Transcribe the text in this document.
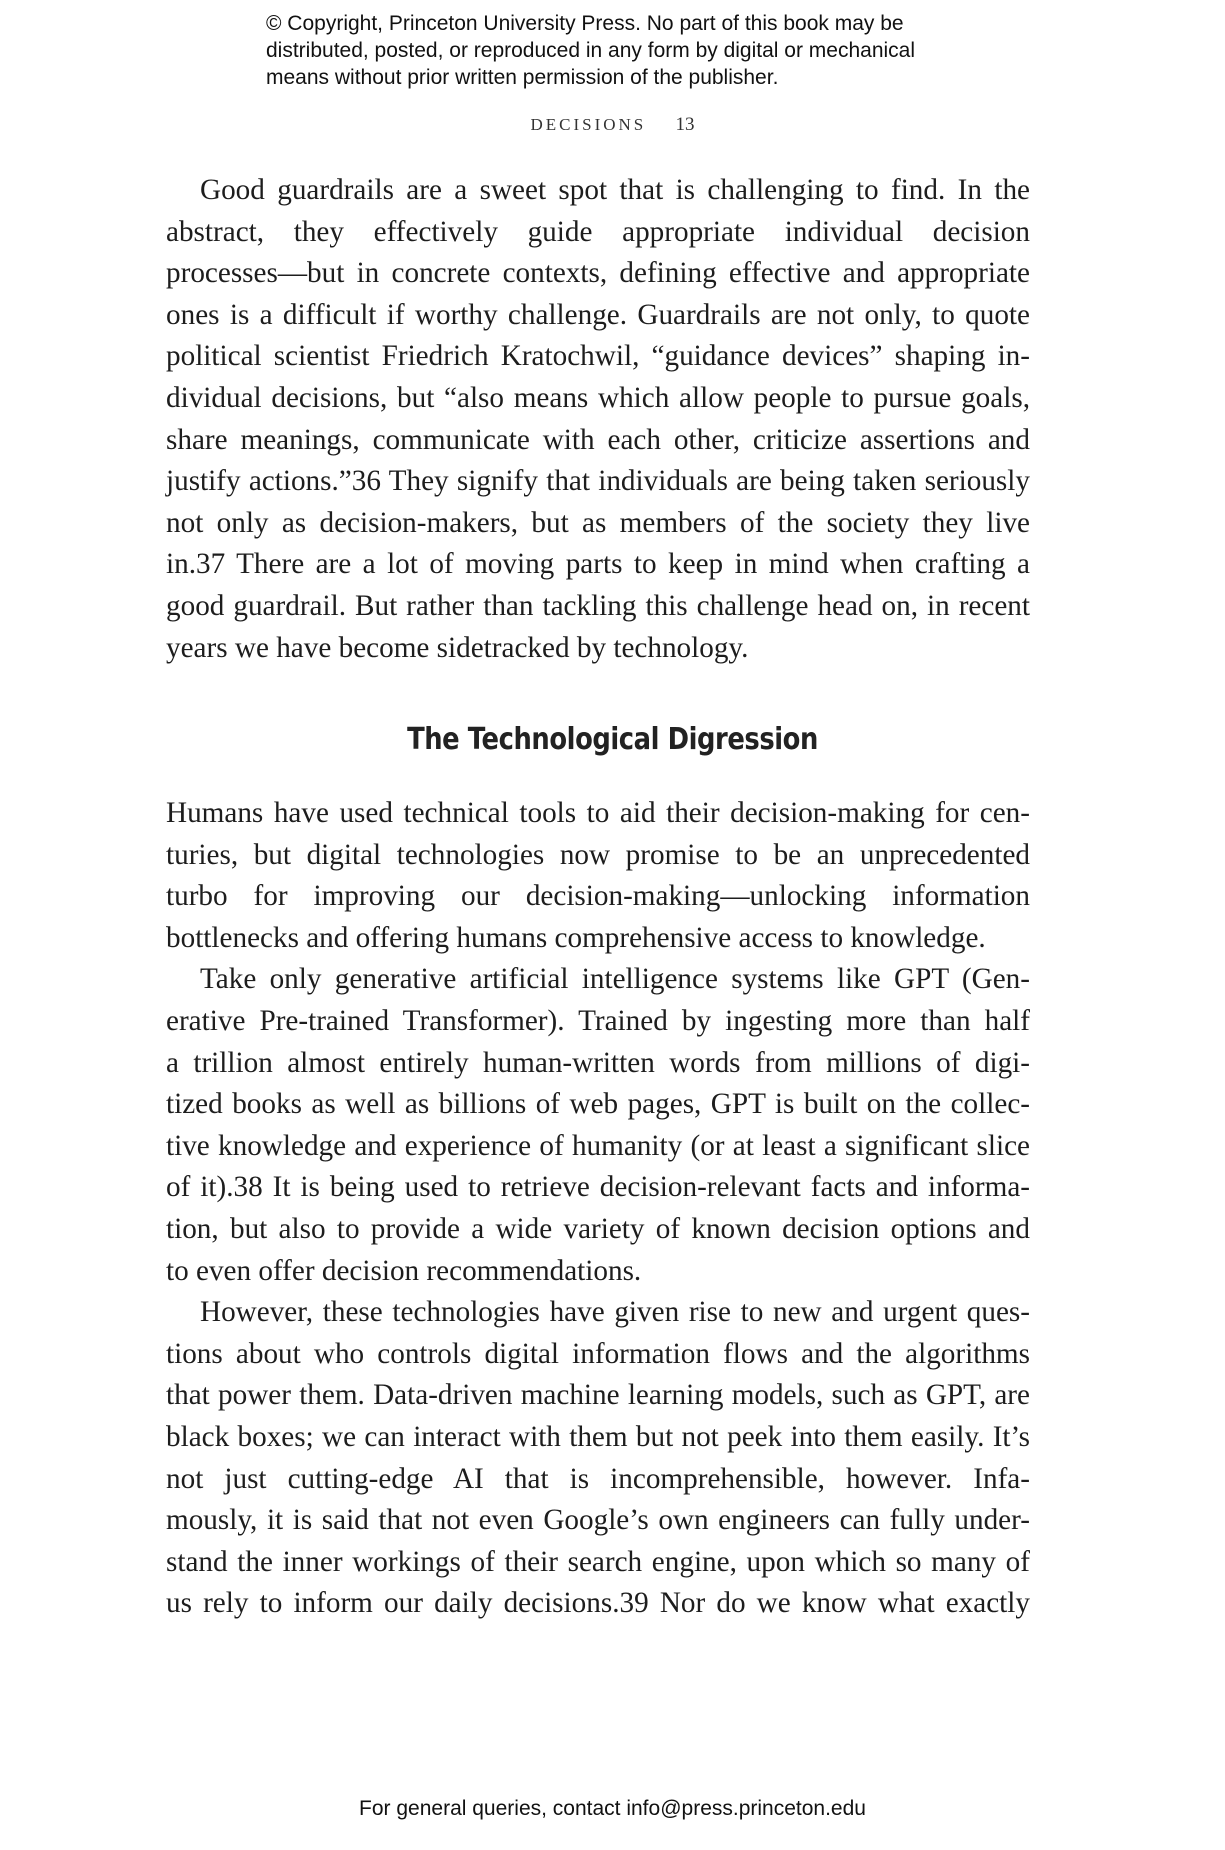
© Copyright, Princeton University Press. No part of this book may be
distributed, posted, or reproduced in any form by digital or mechanical
means without prior written permission of the publisher.
DECISIONS 13
Good guardrails are a sweet spot that is challenging to find. In the
abstract, they effectively guide appropriate individual decision
processes—but in concrete contexts, defining effective and appropriate
ones is a difficult if worthy challenge. Guardrails are not only, to quote
political scientist Friedrich Kratochwil, “guidance devices” shaping in-
dividual decisions, but “also means which allow people to pursue goals,
share meanings, communicate with each other, criticize assertions and
justify actions.”36 They signify that individuals are being taken seriously
not only as decision-makers, but as members of the society they live
in.37 There are a lot of moving parts to keep in mind when crafting a
good guardrail. But rather than tackling this challenge head on, in recent
years we have become sidetracked by technology.
The Technological Digression
Humans have used technical tools to aid their decision-making for cen-
turies, but digital technologies now promise to be an unprecedented
turbo for improving our decision-making—unlocking information
bottlenecks and offering humans comprehensive access to knowledge.
Take only generative artificial intelligence systems like GPT (Gen-
erative Pre-trained Transformer). Trained by ingesting more than half
a trillion almost entirely human-written words from millions of digi-
tized books as well as billions of web pages, GPT is built on the collec-
tive knowledge and experience of humanity (or at least a significant slice
of it).38 It is being used to retrieve decision-relevant facts and informa-
tion, but also to provide a wide variety of known decision options and
to even offer decision recommendations.
However, these technologies have given rise to new and urgent ques-
tions about who controls digital information flows and the algorithms
that power them. Data-driven machine learning models, such as GPT, are
black boxes; we can interact with them but not peek into them easily. It’s
not just cutting-edge AI that is incomprehensible, however. Infa-
mously, it is said that not even Google’s own engineers can fully under-
stand the inner workings of their search engine, upon which so many of
us rely to inform our daily decisions.39 Nor do we know what exactly
For general queries, contact info@press.princeton.edu
